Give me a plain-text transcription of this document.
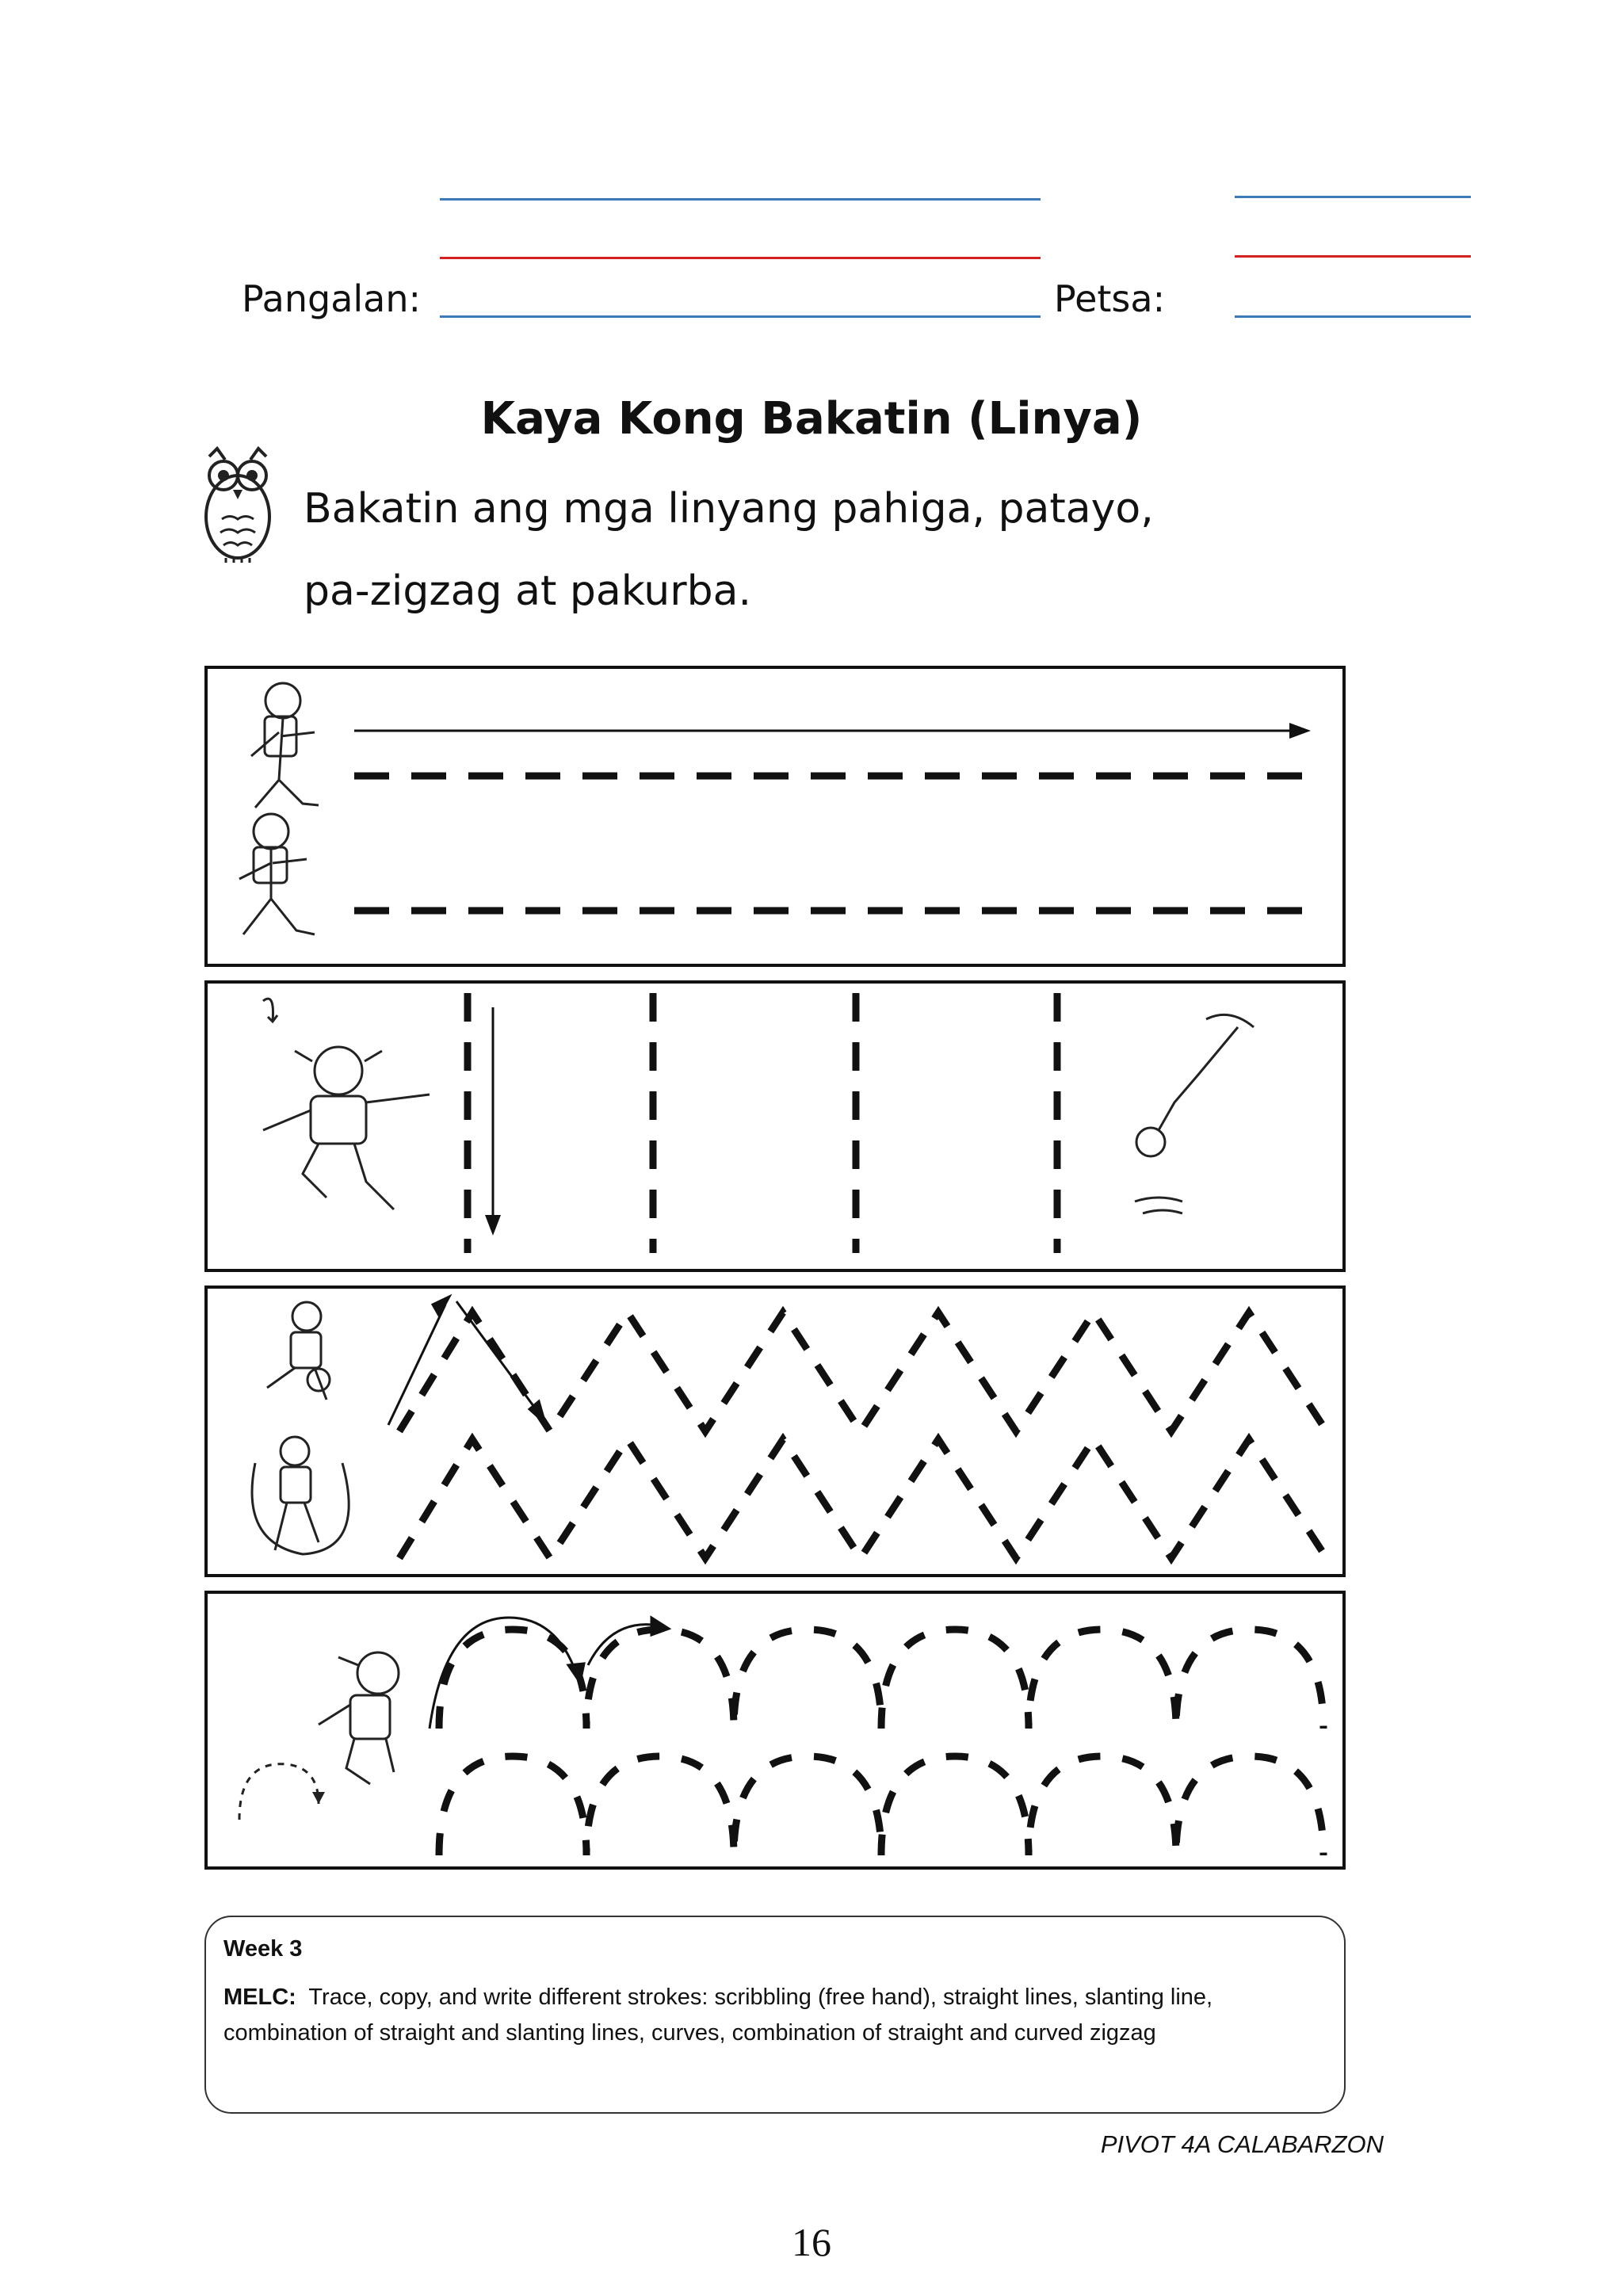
Pangalan:	Petsa:
Kaya Kong Bakatin (Linya)
Bakatin ang mga linyang pahiga, patayo,
pa-zigzag at pakurba.
Week 3
MELC: Trace, copy, and write different strokes: scribbling (free hand), straight lines, slanting line, combination of straight and slanting lines, curves, combination of straight and curved zigzag
PIVOT 4A CALABARZON
16
